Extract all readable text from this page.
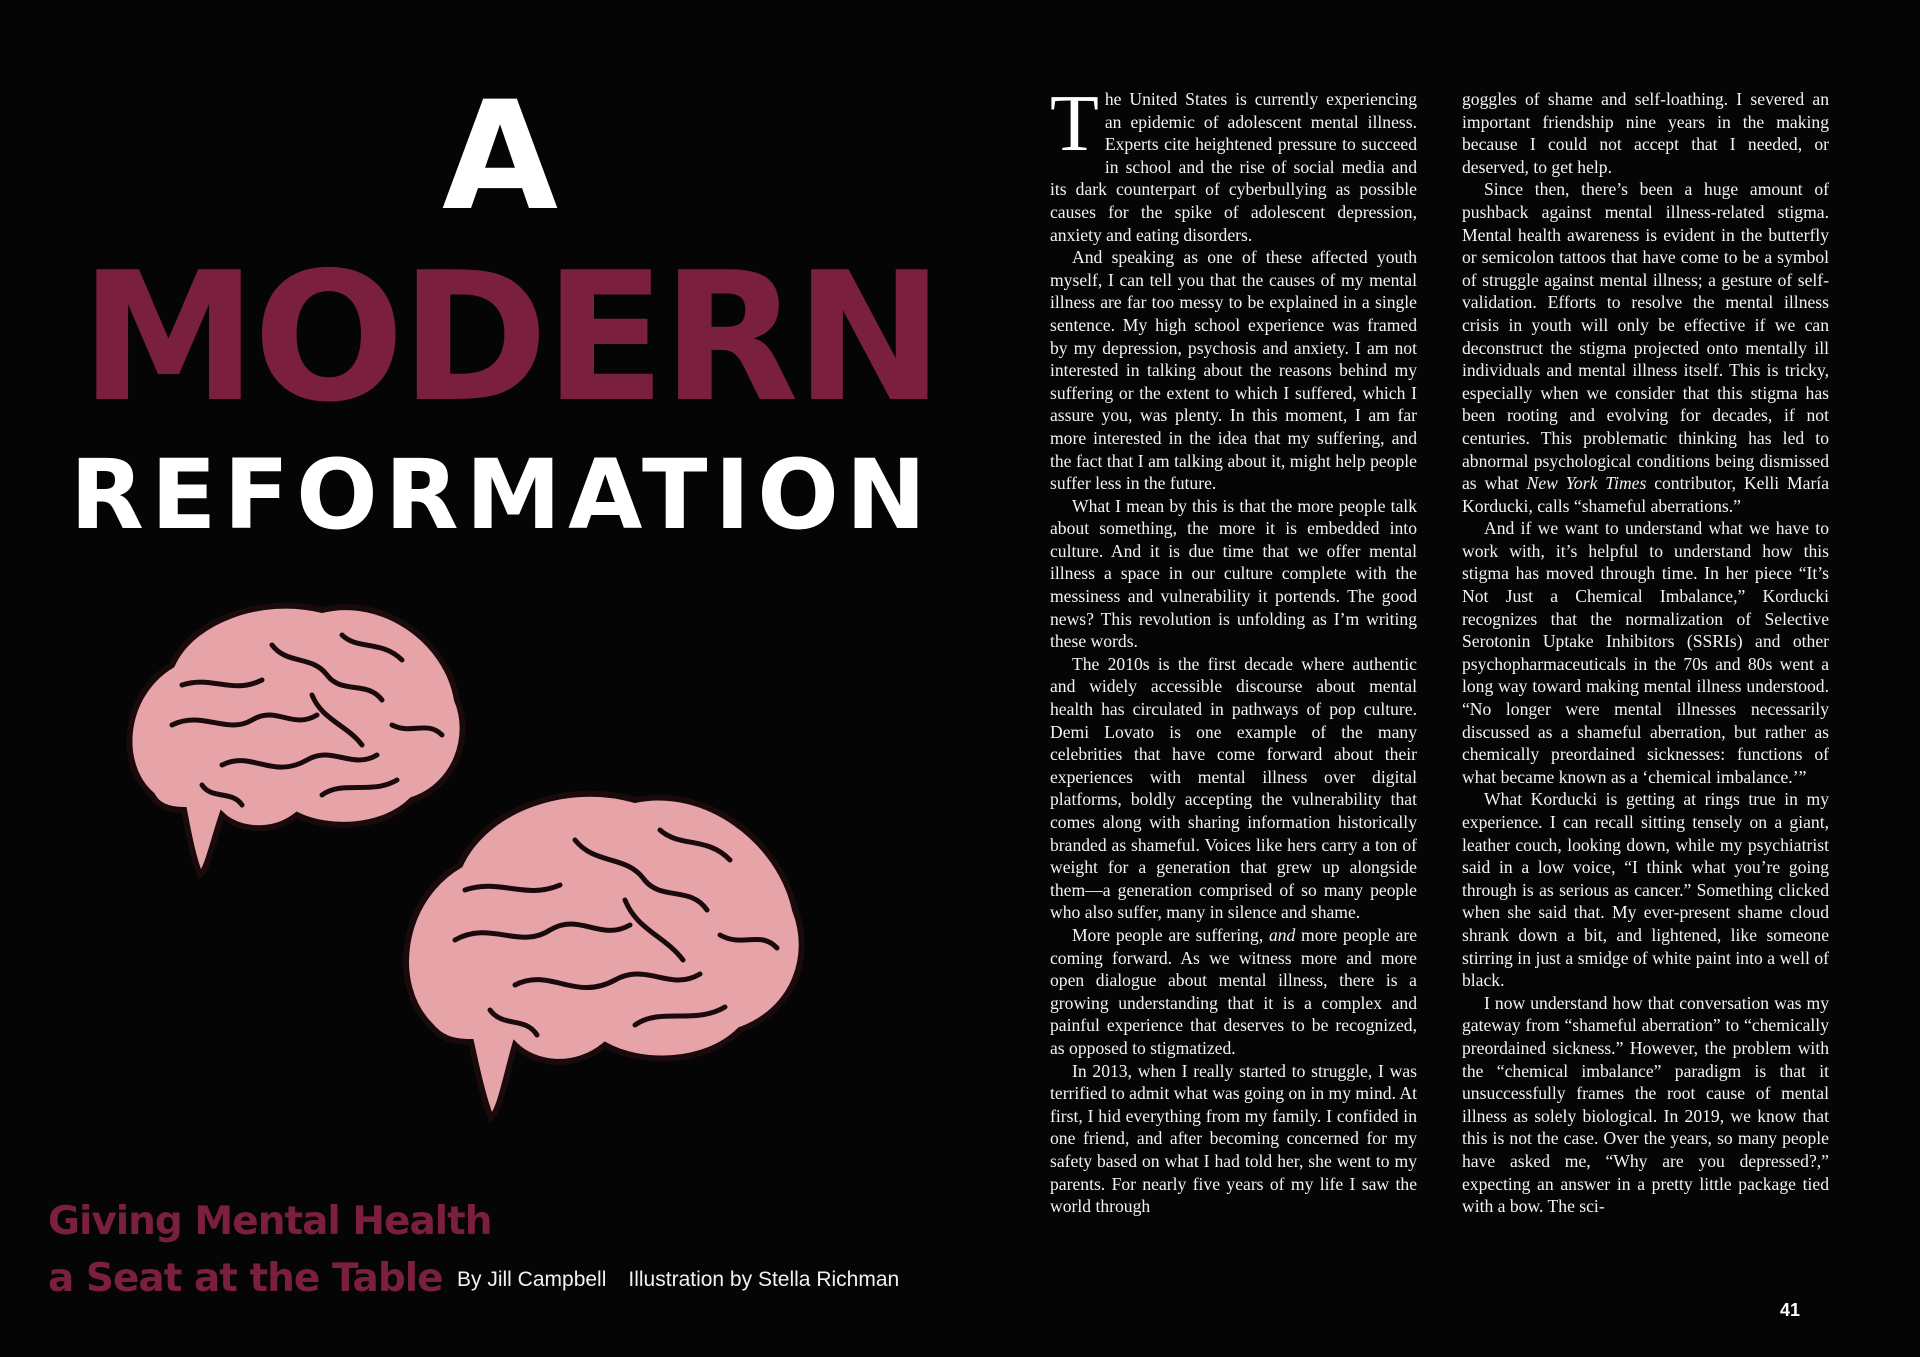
A
MODERN
REFORMATION
Giving Mental Health
a Seat at the Table By Jill Campbell Illustration by Stella Richman

The United States is currently experiencing an epidemic of adolescent mental illness. Experts cite heightened pressure to succeed in school and the rise of social media and its dark counterpart of cyberbullying as possible causes for the spike of adolescent depression, anxiety and eating disorders.

And speaking as one of these affected youth myself, I can tell you that the causes of my mental illness are far too messy to be explained in a single sentence. My high school experience was framed by my depression, psychosis and anxiety. I am not interested in talking about the reasons behind my suffering or the extent to which I suffered, which I assure you, was plenty. In this moment, I am far more interested in the idea that my suffering, and the fact that I am talking about it, might help people suffer less in the future.

What I mean by this is that the more people talk about something, the more it is embedded into culture. And it is due time that we offer mental illness a space in our culture complete with the messiness and vulnerability it portends. The good news? This revolution is unfolding as I’m writing these words.

The 2010s is the first decade where authentic and widely accessible discourse about mental health has circulated in pathways of pop culture. Demi Lovato is one example of the many celebrities that have come forward about their experiences with mental illness over digital platforms, boldly accepting the vulnerability that comes along with sharing information historically branded as shameful. Voices like hers carry a ton of weight for a generation that grew up alongside them—a generation comprised of so many people who also suffer, many in silence and shame.

More people are suffering, and more people are coming forward. As we witness more and more open dialogue about mental illness, there is a growing understanding that it is a complex and painful experience that deserves to be recognized, as opposed to stigmatized.

In 2013, when I really started to struggle, I was terrified to admit what was going on in my mind. At first, I hid everything from my family. I confided in one friend, and after becoming concerned for my safety based on what I had told her, she went to my parents. For nearly five years of my life I saw the world through

goggles of shame and self-loathing. I severed an important friendship nine years in the making because I could not accept that I needed, or deserved, to get help.

Since then, there’s been a huge amount of pushback against mental illness-related stigma. Mental health awareness is evident in the butterfly or semicolon tattoos that have come to be a symbol of struggle against mental illness; a gesture of self-validation. Efforts to resolve the mental illness crisis in youth will only be effective if we can deconstruct the stigma projected onto mentally ill individuals and mental illness itself. This is tricky, especially when we consider that this stigma has been rooting and evolving for decades, if not centuries. This problematic thinking has led to abnormal psychological conditions being dismissed as what New York Times contributor, Kelli María Korducki, calls “shameful aberrations.”

And if we want to understand what we have to work with, it’s helpful to understand how this stigma has moved through time. In her piece “It’s Not Just a Chemical Imbalance,” Korducki recognizes that the normalization of Selective Serotonin Uptake Inhibitors (SSRIs) and other psychopharmaceuticals in the 70s and 80s went a long way toward making mental illness understood. “No longer were mental illnesses necessarily discussed as a shameful aberration, but rather as chemically preordained sicknesses: functions of what became known as a ‘chemical imbalance.’”

What Korducki is getting at rings true in my experience. I can recall sitting tensely on a giant, leather couch, looking down, while my psychiatrist said in a low voice, “I think what you’re going through is as serious as cancer.” Something clicked when she said that. My ever-present shame cloud shrank down a bit, and lightened, like someone stirring in just a smidge of white paint into a well of black.

I now understand how that conversation was my gateway from “shameful aberration” to “chemically preordained sickness.” However, the problem with the “chemical imbalance” paradigm is that it unsuccessfully frames the root cause of mental illness as solely biological. In 2019, we know that this is not the case. Over the years, so many people have asked me, “Why are you depressed?,” expecting an answer in a pretty little package tied with a bow. The sci-

41
